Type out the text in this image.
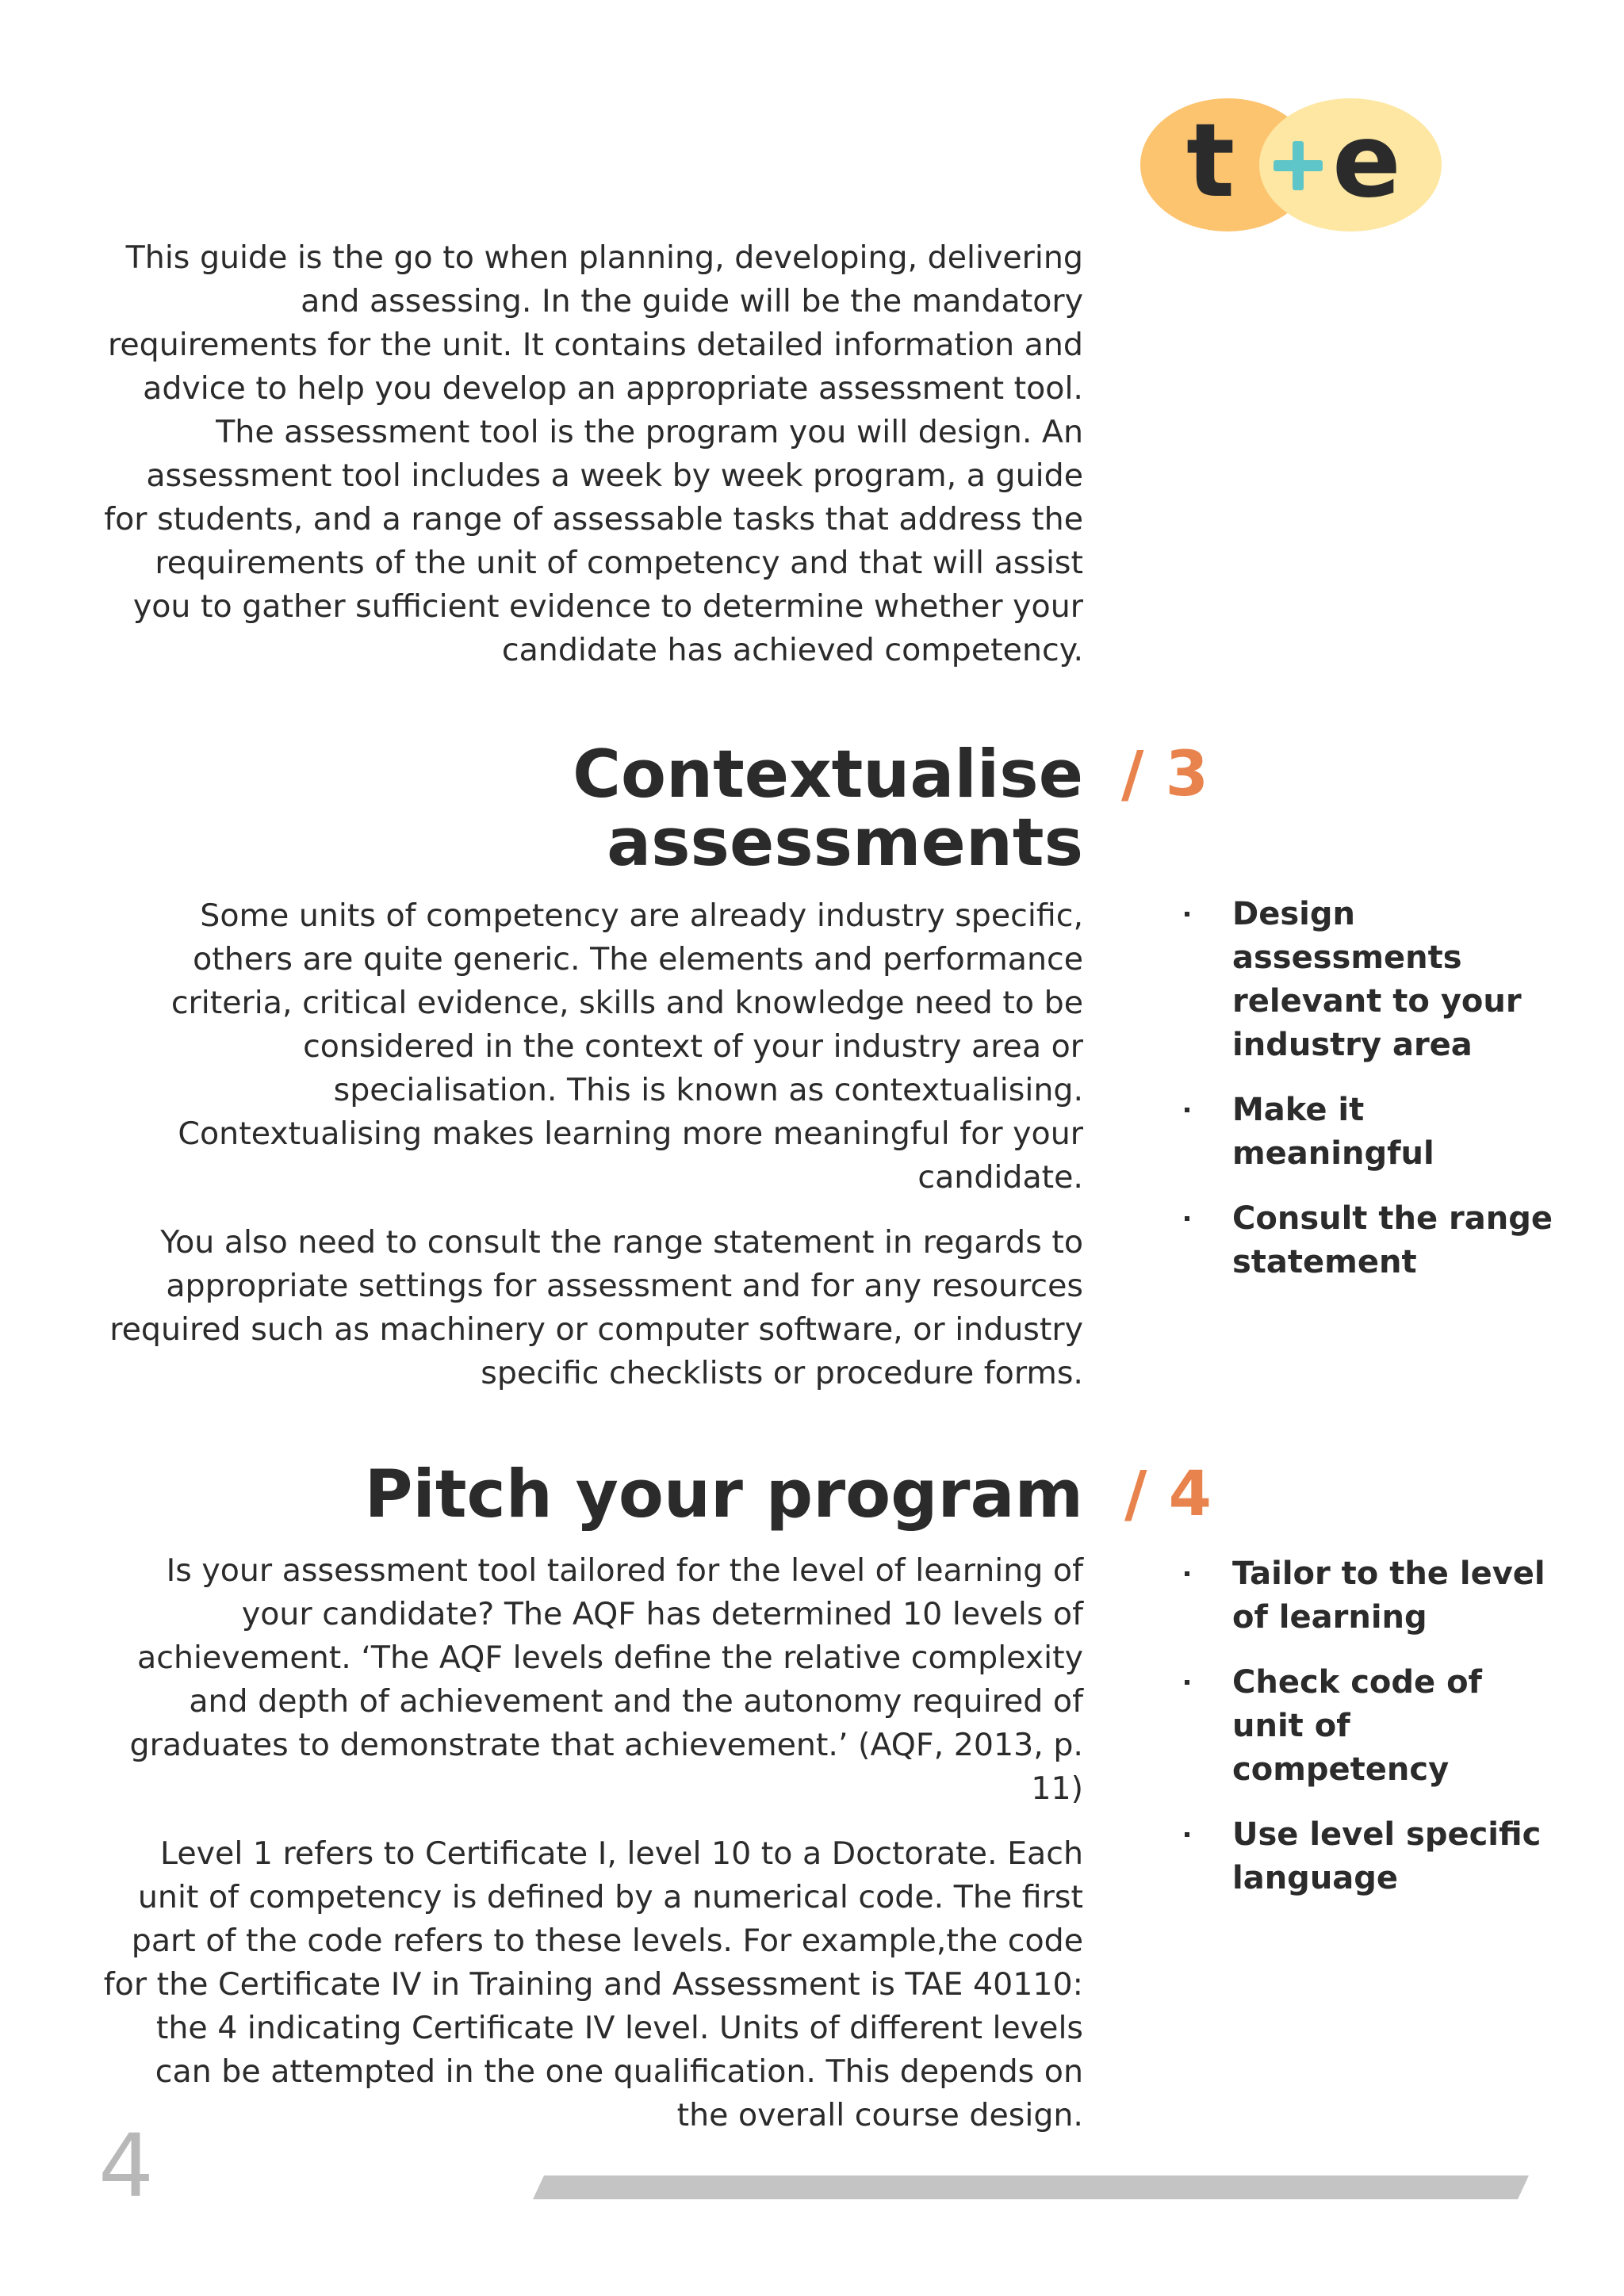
t e

This guide is the go to when planning, developing, delivering and assessing. In the guide will be the mandatory requirements for the unit. It contains detailed information and advice to help you develop an appropriate assessment tool. The assessment tool is the program you will design. An assessment tool includes a week by week program, a guide for students, and a range of assessable tasks that address the requirements of the unit of competency and that will assist you to gather sufficient evidence to determine whether your candidate has achieved competency.

Contextualise
assessments
/ 3

Some units of competency are already industry specific, others are quite generic. The elements and performance criteria, critical evidence, skills and knowledge need to be considered in the context of your industry area or specialisation. This is known as contextualising. Contextualising makes learning more meaningful for your candidate.

You also need to consult the range statement in regards to appropriate settings for assessment and for any resources required such as machinery or computer software, or industry specific checklists or procedure forms.

Design assessments relevant to your industry area
Make it meaningful
Consult the range statement
Pitch your program / 4

Is your assessment tool tailored for the level of learning of your candidate? The AQF has determined 10 levels of achievement. ‘The AQF levels define the relative complexity and depth of achievement and the autonomy required of graduates to demonstrate that achievement.’ (AQF, 2013, p. 11)

Level 1 refers to Certificate I, level 10 to a Doctorate. Each unit of competency is defined by a numerical code. The first part of the code refers to these levels. For example,the code for the Certificate IV in Training and Assessment is TAE 40110: the 4 indicating Certificate IV level. Units of different levels can be attempted in the one qualification. This depends on the overall course design.

Tailor to the level of learning
Check code of unit of competency
Use level specific language
4
